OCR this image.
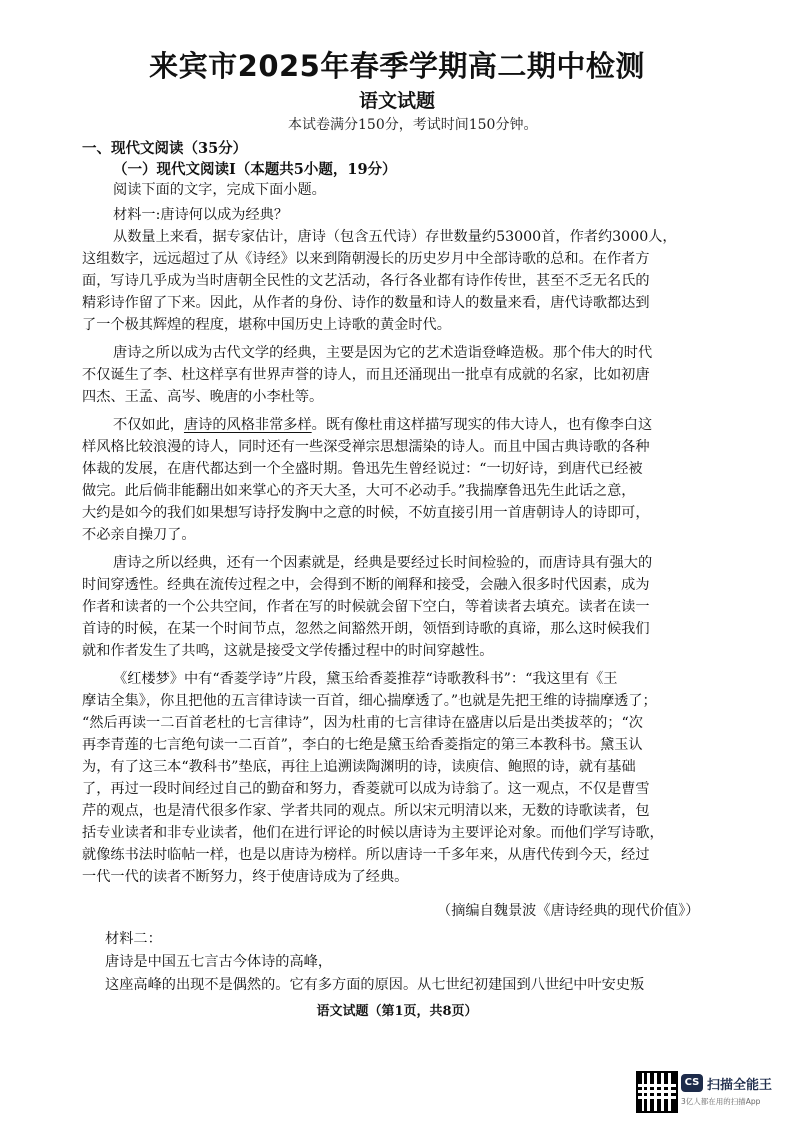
来宾市2025年春季学期高二期中检测
语文试题
本试卷满分150分，考试时间150分钟。
一、现代文阅读（35分）
（一）现代文阅读Ⅰ（本题共5小题，19分）
阅读下面的文字，完成下面小题。
材料一:唐诗何以成为经典？
从数量上来看，据专家估计，唐诗（包含五代诗）存世数量约53000首，作者约3000人，
这组数字，远远超过了从《诗经》以来到隋朝漫长的历史岁月中全部诗歌的总和。在作者方
面，写诗几乎成为当时唐朝全民性的文艺活动，各行各业都有诗作传世，甚至不乏无名氏的
精彩诗作留了下来。因此，从作者的身份、诗作的数量和诗人的数量来看，唐代诗歌都达到
了一个极其辉煌的程度，堪称中国历史上诗歌的黄金时代。
唐诗之所以成为古代文学的经典，主要是因为它的艺术造诣登峰造极。那个伟大的时代
不仅诞生了李、杜这样享有世界声誉的诗人，而且还涌现出一批卓有成就的名家，比如初唐
四杰、王孟、高岑、晚唐的小李杜等。
不仅如此，唐诗的风格非常多样。既有像杜甫这样描写现实的伟大诗人，也有像李白这
样风格比较浪漫的诗人，同时还有一些深受禅宗思想濡染的诗人。而且中国古典诗歌的各种
体裁的发展，在唐代都达到一个全盛时期。鲁迅先生曾经说过：“一切好诗，到唐代已经被
做完。此后倘非能翻出如来掌心的齐天大圣，大可不必动手。”我揣摩鲁迅先生此话之意，
大约是如今的我们如果想写诗抒发胸中之意的时候，不妨直接引用一首唐朝诗人的诗即可，
不必亲自操刀了。
唐诗之所以经典，还有一个因素就是，经典是要经过长时间检验的，而唐诗具有强大的
时间穿透性。经典在流传过程之中，会得到不断的阐释和接受，会融入很多时代因素，成为
作者和读者的一个公共空间，作者在写的时候就会留下空白，等着读者去填充。读者在读一
首诗的时候，在某一个时间节点，忽然之间豁然开朗，领悟到诗歌的真谛，那么这时候我们
就和作者发生了共鸣，这就是接受文学传播过程中的时间穿越性。
《红楼梦》中有“香菱学诗”片段，黛玉给香菱推荐“诗歌教科书”：“我这里有《王
摩诘全集》，你且把他的五言律诗读一百首，细心揣摩透了。”也就是先把王维的诗揣摩透了；
“然后再读一二百首老杜的七言律诗”，因为杜甫的七言律诗在盛唐以后是出类拔萃的；“次
再李青莲的七言绝句读一二百首”，李白的七绝是黛玉给香菱指定的第三本教科书。黛玉认
为，有了这三本“教科书”垫底，再往上追溯读陶渊明的诗，读庾信、鲍照的诗，就有基础
了，再过一段时间经过自己的勤奋和努力，香菱就可以成为诗翁了。这一观点，不仅是曹雪
芹的观点，也是清代很多作家、学者共同的观点。所以宋元明清以来，无数的诗歌读者，包
括专业读者和非专业读者，他们在进行评论的时候以唐诗为主要评论对象。而他们学写诗歌，
就像练书法时临帖一样，也是以唐诗为榜样。所以唐诗一千多年来，从唐代传到今天，经过
一代一代的读者不断努力，终于使唐诗成为了经典。
（摘编自魏景波《唐诗经典的现代价值》）
材料二：
唐诗是中国五七言古今体诗的高峰，
这座高峰的出现不是偶然的。它有多方面的原因。从七世纪初建国到八世纪中叶安史叛
语文试题（第1页，共8页）
CS 扫描全能王
3亿人都在用的扫描App
